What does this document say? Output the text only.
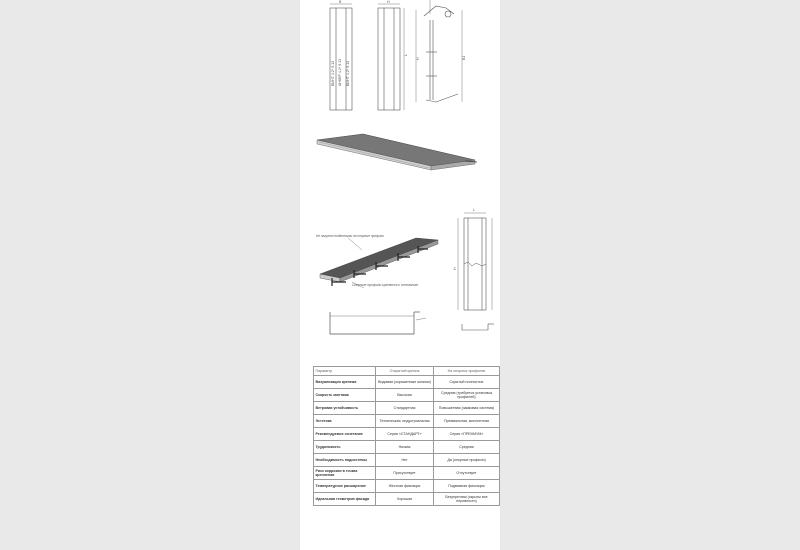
ВИНТ 4,2* 9.13 АНКЕР 4,2* 9.13 ВИНТ 4,2* 9.13
B	H
L
Н	B1
Не нагулят подвесными на опорные профили
Опорные профили крепятся к основанию
L
H
Параметр	Открытый крепеж	На опорных профилях
Визуализация крепежа	Видимая (окрашенные шляпки)	Скрытый полностью
Скорость монтажа	Высокая	Средняя (требуется установка профилей)
Ветровая устойчивость	Стандартная	Повышенная (замковая система)
Эстетика	Техническая, индустриальная	Премиальная, монолитная
Рекомендуемое сочетание	Серия «СТАНДАРТ»	Серия «ПРЕМИУМ»
Трудоемкость	Низкая	Средняя
Необходимость подсистемы	Нет	Да (опорные профили)
Риск коррозии в точках крепления	Присутствует	Отсутствует
Температурное расширение	Жесткая фиксация	Подвижная фиксация
Идеальная геометрия фасада	Хорошая	Безупречная (скрыты все неровности)
